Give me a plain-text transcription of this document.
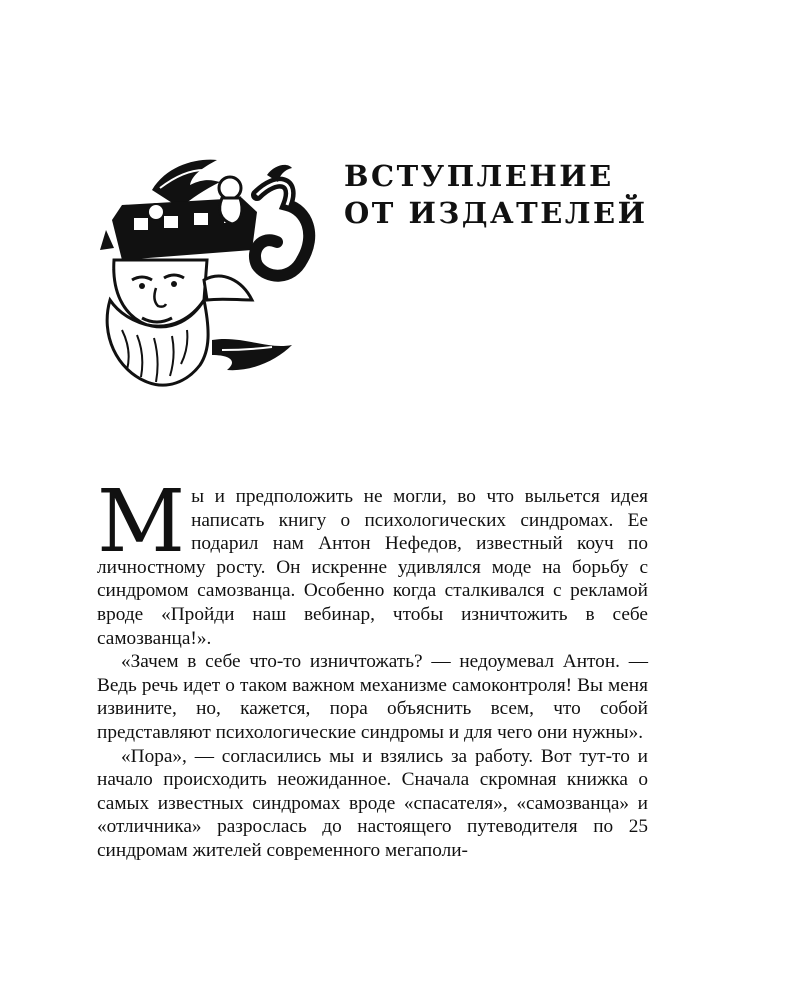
ВСТУПЛЕНИЕ
ОТ ИЗДАТЕЛЕЙ

Мы и предположить не могли, во что выльется идея написать книгу о психологических синдромах. Ее подарил нам Антон Нефедов, известный коуч по личностному росту. Он искренне удивлялся моде на борьбу с синдромом самозванца. Особенно когда сталкивался с рекламой вроде «Пройди наш вебинар, чтобы изничтожить в себе самозванца!».

«Зачем в себе что-то изничтожать? — недоумевал Антон. — Ведь речь идет о таком важном механизме самоконтроля! Вы меня извините, но, кажется, пора объяснить всем, что собой представляют психологические синдромы и для чего они нужны».

«Пора», — согласились мы и взялись за работу. Вот тут-то и начало происходить неожиданное. Сначала скромная книжка о самых известных синдромах вроде «спасателя», «самозванца» и «отличника» разрослась до настоящего путеводителя по 25 синдромам жителей современного мегаполи-
